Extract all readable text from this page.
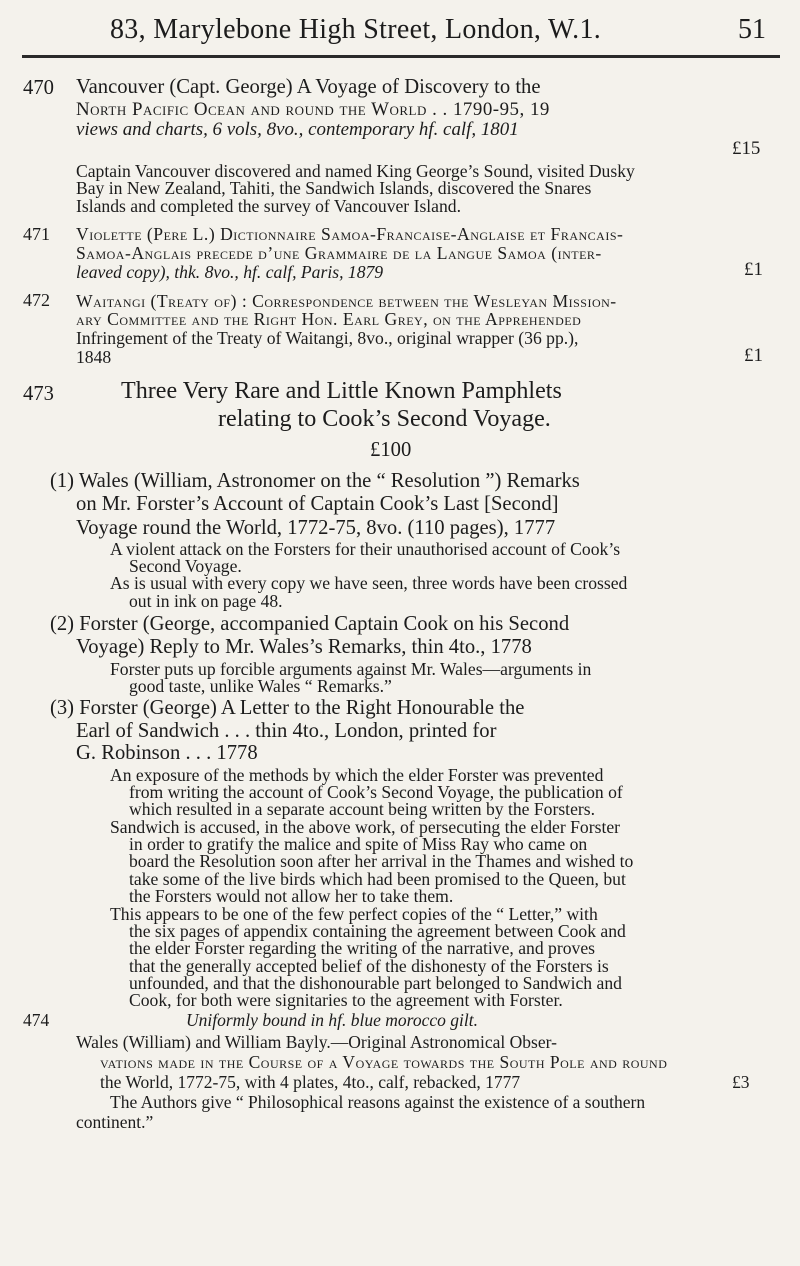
83, Marylebone High Street, London, W.1.	51
470 Vancouver (Capt. George) A Voyage of Discovery to the
North Pacific Ocean and round the World . . 1790-95, 19
views and charts, 6 vols, 8vo., contemporary hf. calf, 1801
£15
Captain Vancouver discovered and named King George’s Sound, visited Dusky
Bay in New Zealand, Tahiti, the Sandwich Islands, discovered the Snares
Islands and completed the survey of Vancouver Island.
471 Violette (Pere L.) Dictionnaire Samoa-Francaise-Anglaise et Francais-
Samoa-Anglais precede d’une Grammaire de la Langue Samoa (inter-
leaved copy), thk. 8vo., hf. calf, Paris, 1879	£1
472 Waitangi (Treaty of) : Correspondence between the Wesleyan Mission-
ary Committee and the Right Hon. Earl Grey, on the Apprehended
Infringement of the Treaty of Waitangi, 8vo., original wrapper (36 pp.),
1848	£1
473	Three Very Rare and Little Known Pamphlets
relating to Cook’s Second Voyage.
£100
(1) Wales (William, Astronomer on the “ Resolution ”) Remarks
on Mr. Forster’s Account of Captain Cook’s Last [Second]
Voyage round the World, 1772-75, 8vo. (110 pages), 1777
A violent attack on the Forsters for their unauthorised account of Cook’s
Second Voyage.
As is usual with every copy we have seen, three words have been crossed
out in ink on page 48.
(2) Forster (George, accompanied Captain Cook on his Second
Voyage) Reply to Mr. Wales’s Remarks, thin 4to., 1778
Forster puts up forcible arguments against Mr. Wales—arguments in
good taste, unlike Wales “ Remarks.”
(3) Forster (George) A Letter to the Right Honourable the
Earl of Sandwich . . . thin 4to., London, printed for
G. Robinson . . . 1778
An exposure of the methods by which the elder Forster was prevented
from writing the account of Cook’s Second Voyage, the publication of
which resulted in a separate account being written by the Forsters.
Sandwich is accused, in the above work, of persecuting the elder Forster
in order to gratify the malice and spite of Miss Ray who came on
board the Resolution soon after her arrival in the Thames and wished to
take some of the live birds which had been promised to the Queen, but
the Forsters would not allow her to take them.
This appears to be one of the few perfect copies of the “ Letter,” with
the six pages of appendix containing the agreement between Cook and
the elder Forster regarding the writing of the narrative, and proves
that the generally accepted belief of the dishonesty of the Forsters is
unfounded, and that the dishonourable part belonged to Sandwich and
Cook, for both were signitaries to the agreement with Forster.
Uniformly bound in hf. blue morocco gilt.
474
Wales (William) and William Bayly.—Original Astronomical Obser-
vations made in the Course of a Voyage towards the South Pole and round
the World, 1772-75, with 4 plates, 4to., calf, rebacked, 1777	£3
The Authors give “ Philosophical reasons against the existence of a southern
continent.”
